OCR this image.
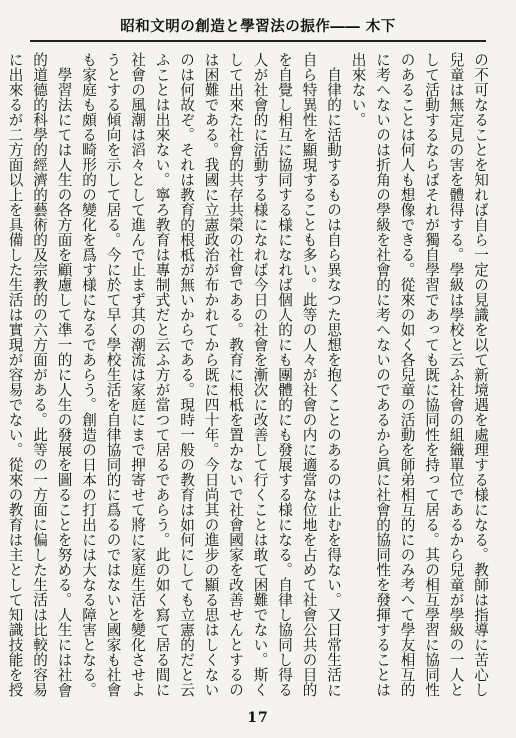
昭和文明の創造と學習法の振作―― 木下

の不可なることを知れば自ら一定の見識を以て新境遇を處理する様になる。教師は指導に苦心し兒童は無定見の害を體得する。學級は學校と云ふ社會の組織單位であるから兒童が學級の一人として活動するならばそれが獨自學習であっても既に協同性を持って居る。其の相互學習に協同性のあることは何人も想像できる。從來の如く各兒童の活動を師弟相互的にのみ考へて學友相互的に考へないのは折角の學級を社會的に考へないのであるから眞に社會的協同性を發揮することは出來ない。

自律的に活動するものは自ら異なつた思想を抱くことのあるのは止むを得ない。又日常生活に自ら特異性を顯現することも多い。此等の人々が社會の内に適當な位地を占めて社會公共の目的を自覺し相互に協同する様になれば個人的にも團體的にも發展する様になる。自律し協同し得る人が社會的に活動する様になれば今日の社會を漸次に改善して行くことは敢て困難でない。斯くして出來た社會的共存共榮の社會である。教育に根柢を置かないで社會國家を改善せんとするのは困難である。我國に立憲政治が布かれてから既に四十年。今日尚其の進步の顯る思はしくないのは何故ぞ。それは教育的根柢が無いからである。現時一般の教育は如何にしても立憲的だと云ふことは出來ない。寧ろ教育は專制式だと云ふ方が當つて居るであらう。此の如く寫て居る間に社會の風潮は滔々として進んで止まず其の潮流は家庭にまで押寄せて將に家庭生活を變化させようとする傾向を示して居る。今に於て早く學校生活を自律協同的に爲るのではないと國家も社會も家庭も頗る畸形的の變化を爲す様になるであらう。創造の日本の打出には大なる障害となる。

學習法にては人生の各方面を顧慮して凖一的に人生の發展を圖ることを努める。人生には社會的道德的科學的經濟的藝術的及宗教的の六方面がある。此等の一方面に偏した生活は比較的容易に出來るが二方面以上を具備した生活は實現が容易でない。從來の教育は主として知識技能を授

17
